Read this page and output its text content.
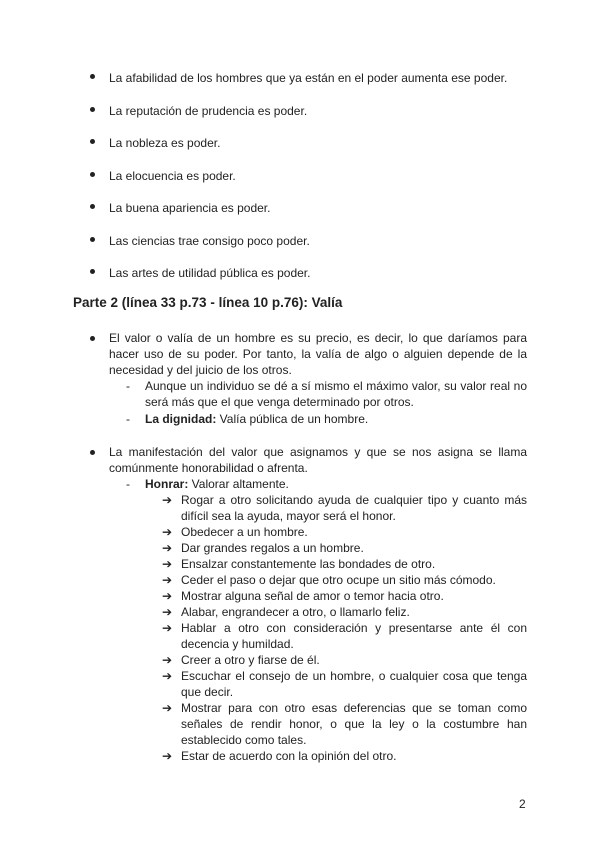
La afabilidad de los hombres que ya están en el poder aumenta ese poder.
La reputación de prudencia es poder.
La nobleza es poder.
La elocuencia es poder.
La buena apariencia es poder.
Las ciencias trae consigo poco poder.
Las artes de utilidad pública es poder.
Parte 2 (línea 33 p.73 - línea 10 p.76): Valía
El valor o valía de un hombre es su precio, es decir, lo que daríamos para hacer uso de su poder. Por tanto, la valía de algo o alguien depende de la necesidad y del juicio de los otros.
- Aunque un individuo se dé a sí mismo el máximo valor, su valor real no será más que el que venga determinado por otros.
- La dignidad: Valía pública de un hombre.
La manifestación del valor que asignamos y que se nos asigna se llama comúnmente honorabilidad o afrenta.
- Honrar: Valorar altamente.
➔ Rogar a otro solicitando ayuda de cualquier tipo y cuanto más difícil sea la ayuda, mayor será el honor.
➔ Obedecer a un hombre.
➔ Dar grandes regalos a un hombre.
➔ Ensalzar constantemente las bondades de otro.
➔ Ceder el paso o dejar que otro ocupe un sitio más cómodo.
➔ Mostrar alguna señal de amor o temor hacia otro.
➔ Alabar, engrandecer a otro, o llamarlo feliz.
➔ Hablar a otro con consideración y presentarse ante él con decencia y humildad.
➔ Creer a otro y fiarse de él.
➔ Escuchar el consejo de un hombre, o cualquier cosa que tenga que decir.
➔ Mostrar para con otro esas deferencias que se toman como señales de rendir honor, o que la ley o la costumbre han establecido como tales.
➔ Estar de acuerdo con la opinión del otro.
2
